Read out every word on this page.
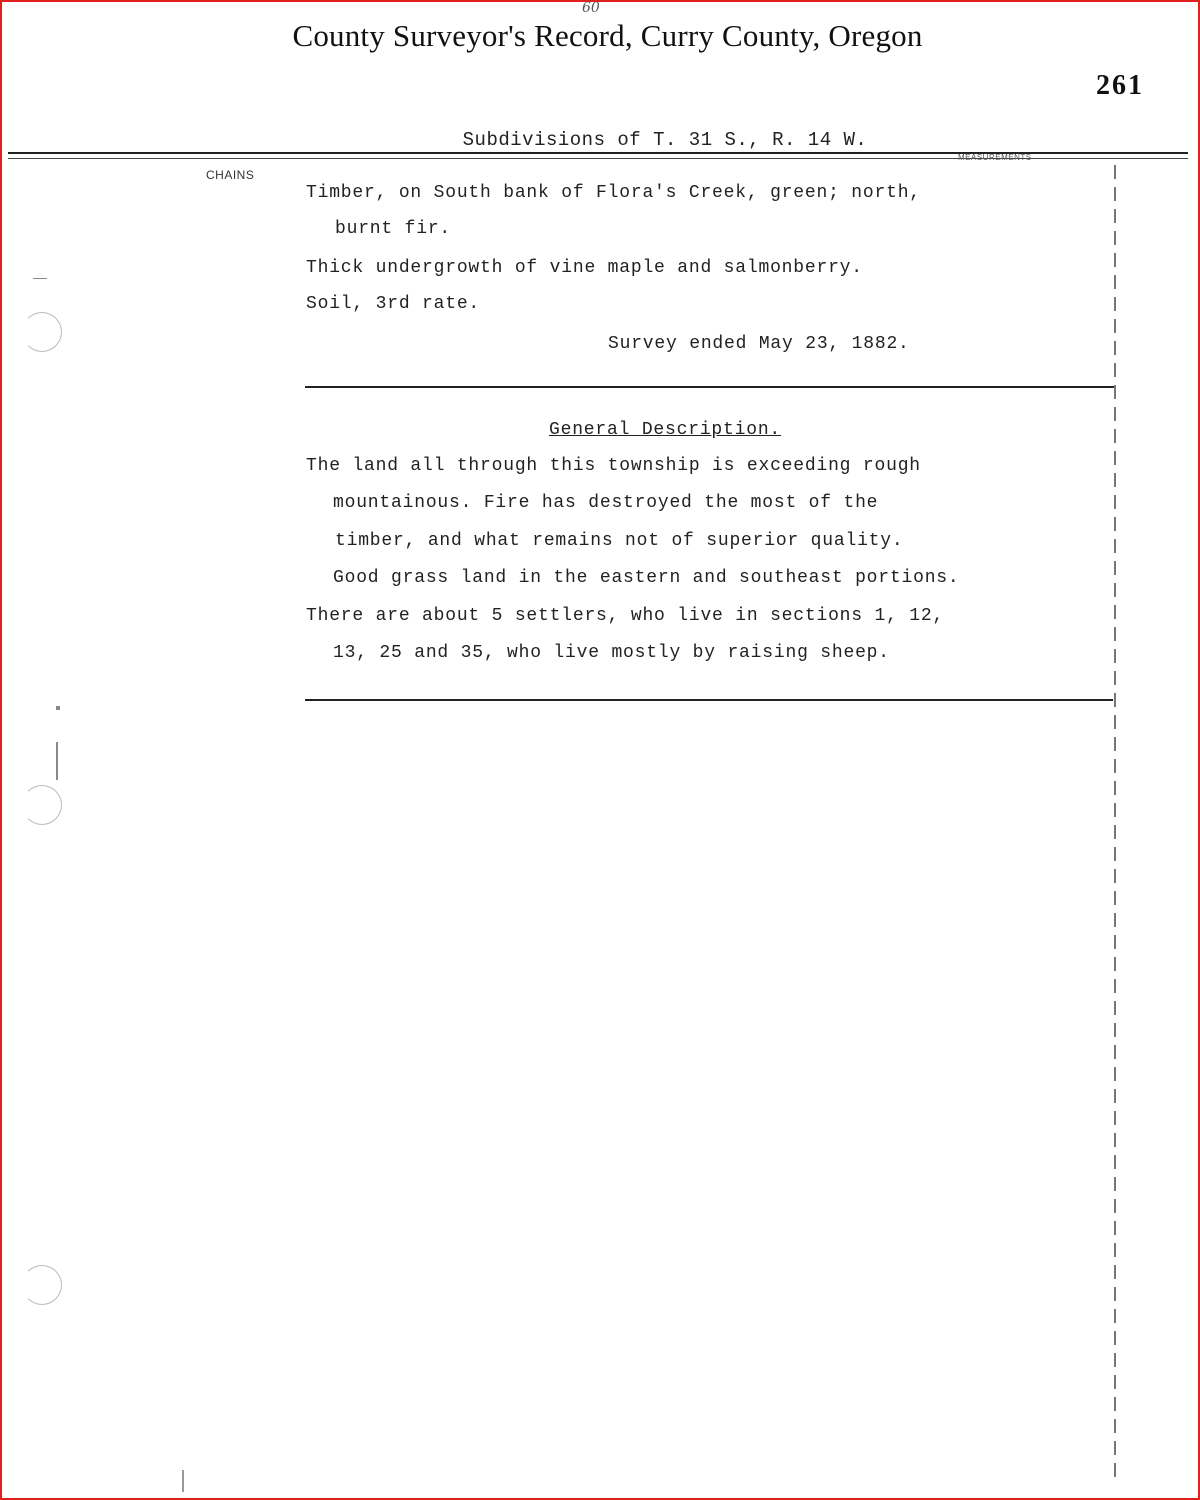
60
County Surveyor's Record, Curry County, Oregon
261
Subdivisions of T. 31 S., R. 14 W.
CHAINS
MEASUREMENTS
Timber, on South bank of Flora's Creek, green; north,
burnt fir.
Thick undergrowth of vine maple and salmonberry.
Soil, 3rd rate.
Survey ended May 23, 1882.
General Description.
The land all through this township is exceeding rough
mountainous. Fire has destroyed the most of the
timber, and what remains not of superior quality.
Good grass land in the eastern and southeast portions.
There are about 5 settlers, who live in sections 1, 12,
13, 25 and 35, who live mostly by raising sheep.
